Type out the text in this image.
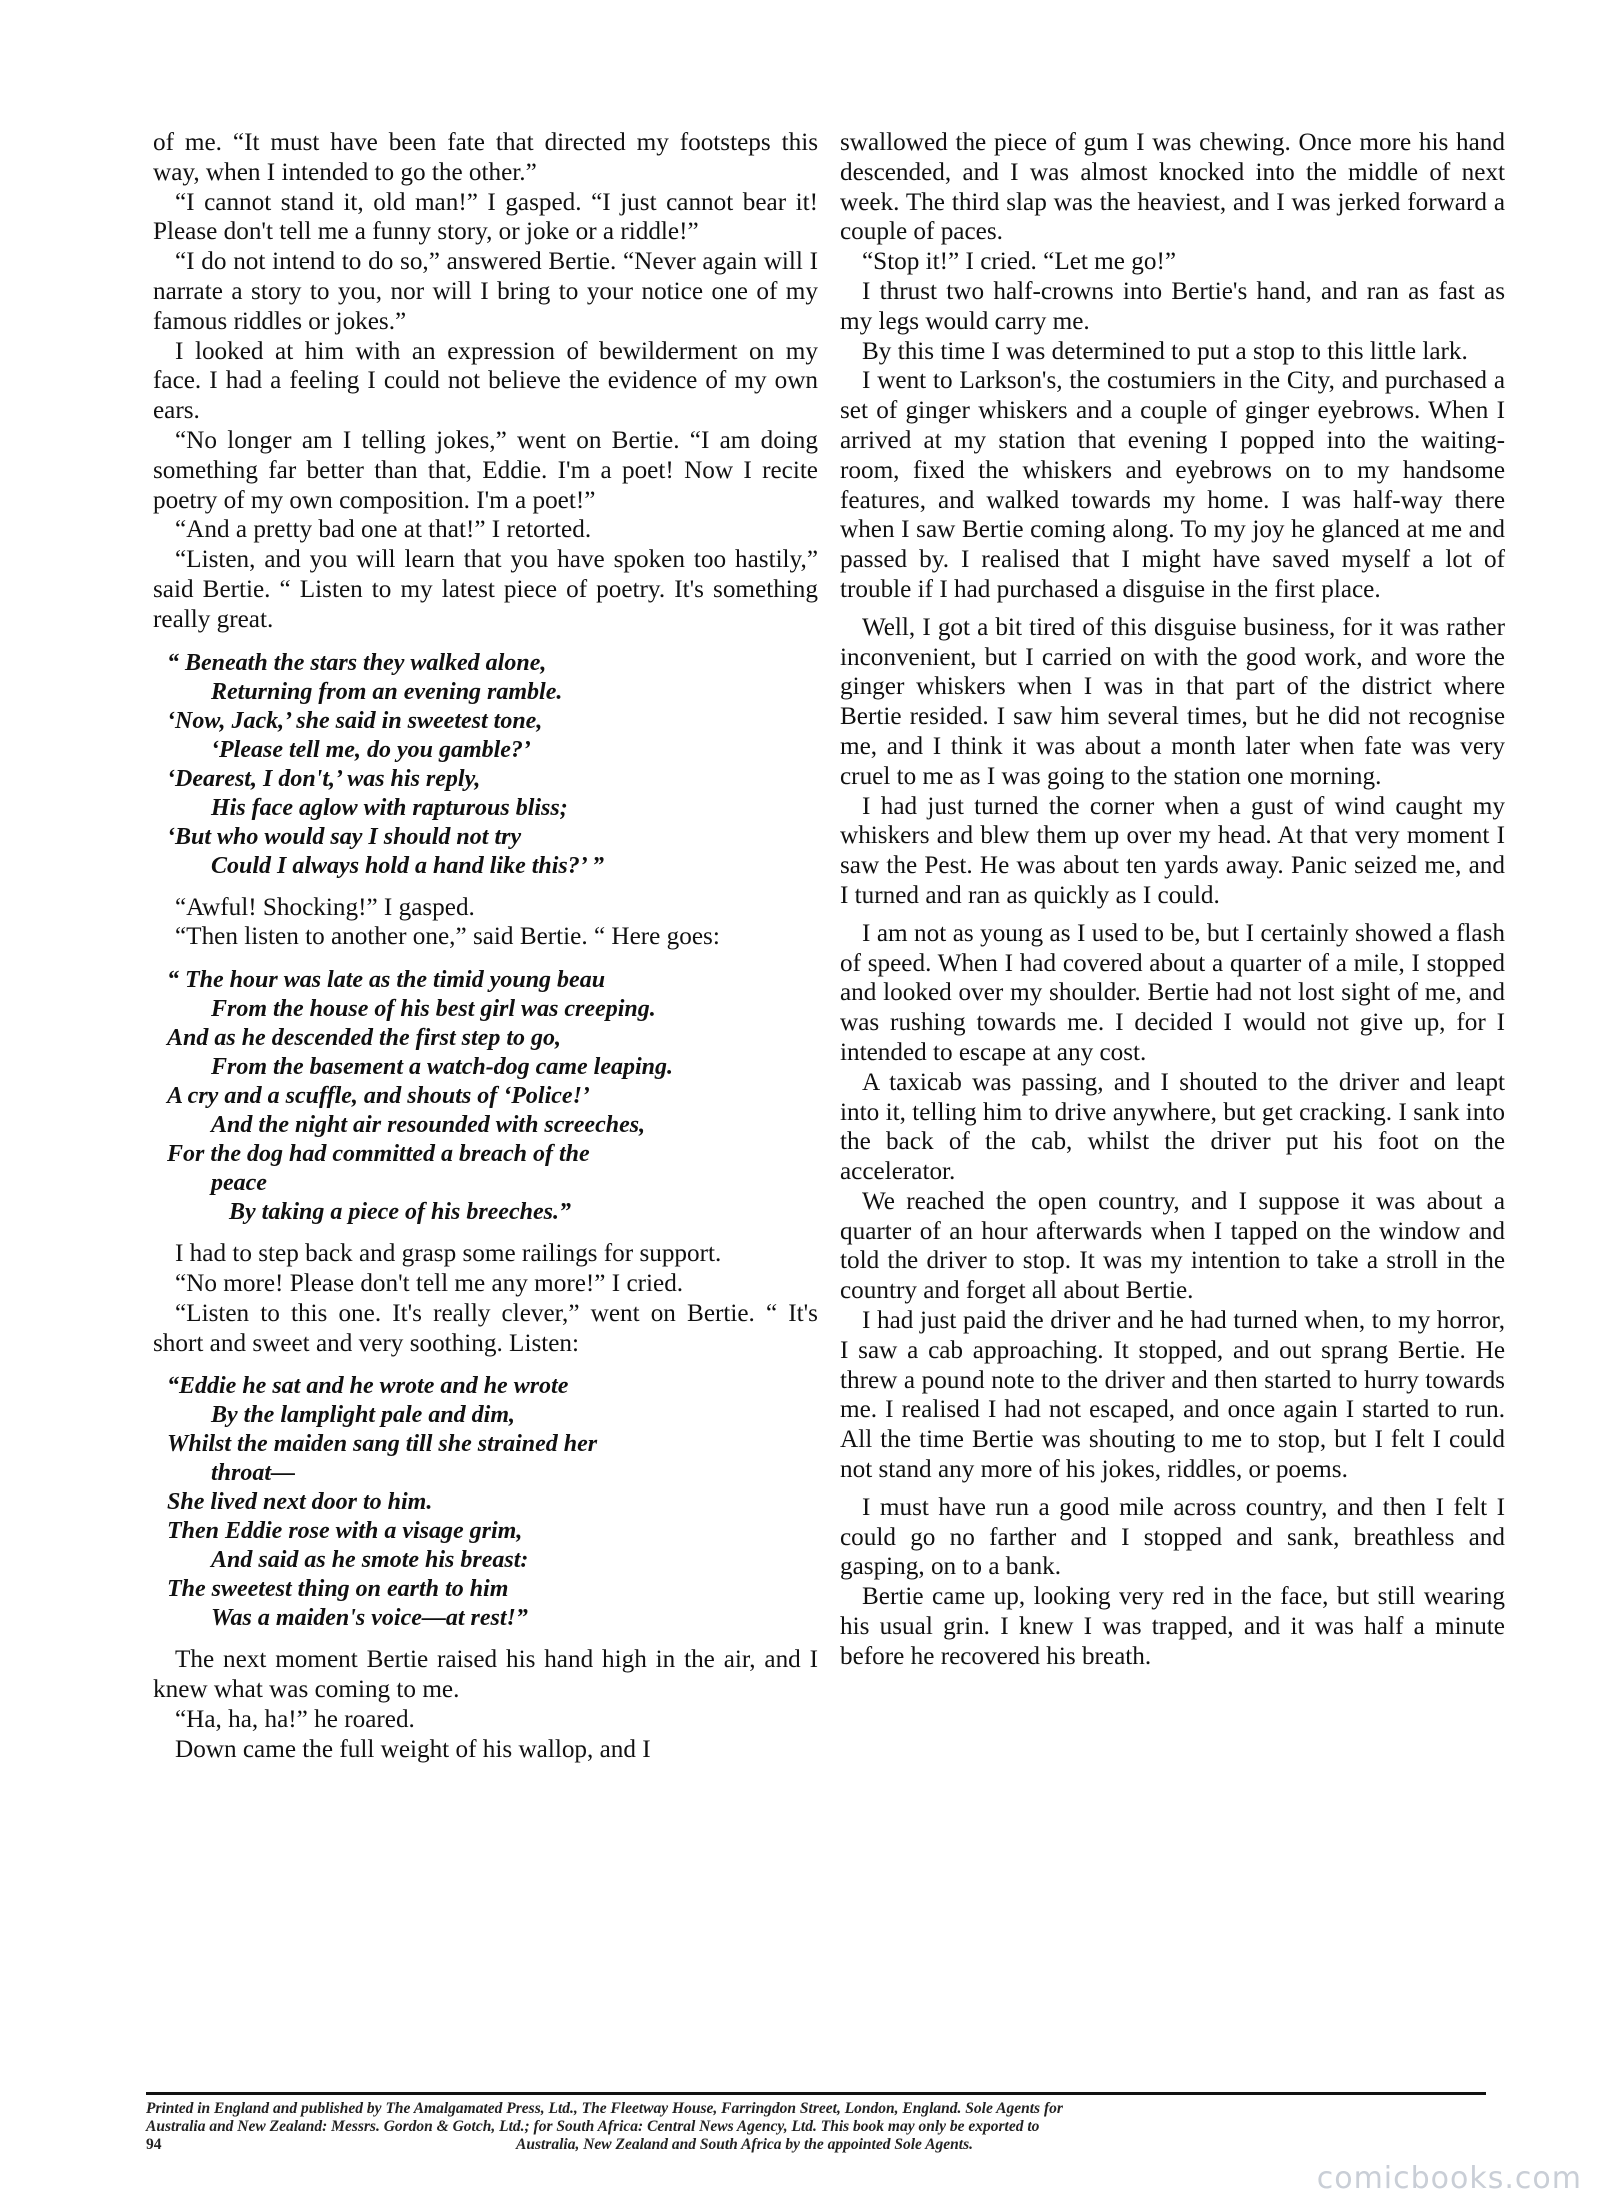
of me. “It must have been fate that directed my footsteps this way, when I intended to go the other.”

“I cannot stand it, old man!” I gasped. “I just cannot bear it! Please don't tell me a funny story, or joke or a riddle!”

“I do not intend to do so,” answered Bertie. “Never again will I narrate a story to you, nor will I bring to your notice one of my famous riddles or jokes.”

I looked at him with an expression of bewilderment on my face. I had a feeling I could not believe the evidence of my own ears.

“No longer am I telling jokes,” went on Bertie. “I am doing something far better than that, Eddie. I'm a poet! Now I recite poetry of my own composition. I'm a poet!”

“And a pretty bad one at that!” I retorted.

“Listen, and you will learn that you have spoken too hastily,” said Bertie. “ Listen to my latest piece of poetry. It's something really great.

“ Beneath the stars they walked alone,
Returning from an evening ramble.
‘Now, Jack,’ she said in sweetest tone,
‘Please tell me, do you gamble?’
‘Dearest, I don't,’ was his reply,
His face aglow with rapturous bliss;
‘But who would say I should not try
Could I always hold a hand like this?’ ”

“Awful! Shocking!” I gasped.

“Then listen to another one,” said Bertie. “ Here goes:

“ The hour was late as the timid young beau
From the house of his best girl was creeping.
And as he descended the first step to go,
From the basement a watch-dog came leaping.
A cry and a scuffle, and shouts of ‘Police!’
And the night air resounded with screeches,
For the dog had committed a breach of the
peace
By taking a piece of his breeches.”

I had to step back and grasp some railings for support.

“No more! Please don't tell me any more!” I cried.

“Listen to this one. It's really clever,” went on Bertie. “ It's short and sweet and very soothing. Listen:

“Eddie he sat and he wrote and he wrote
By the lamplight pale and dim,
Whilst the maiden sang till she strained her
throat—
She lived next door to him.
Then Eddie rose with a visage grim,
And said as he smote his breast:
The sweetest thing on earth to him
Was a maiden's voice—at rest!”

The next moment Bertie raised his hand high in the air, and I knew what was coming to me.

“Ha, ha, ha!” he roared.

Down came the full weight of his wallop, and I

swallowed the piece of gum I was chewing. Once more his hand descended, and I was almost knocked into the middle of next week. The third slap was the heaviest, and I was jerked forward a couple of paces.

“Stop it!” I cried. “Let me go!”

I thrust two half-crowns into Bertie's hand, and ran as fast as my legs would carry me.

By this time I was determined to put a stop to this little lark.

I went to Larkson's, the costumiers in the City, and purchased a set of ginger whiskers and a couple of ginger eyebrows. When I arrived at my station that evening I popped into the waiting-room, fixed the whiskers and eyebrows on to my handsome features, and walked towards my home. I was half-way there when I saw Bertie coming along. To my joy he glanced at me and passed by. I realised that I might have saved myself a lot of trouble if I had purchased a disguise in the first place.

Well, I got a bit tired of this disguise business, for it was rather inconvenient, but I carried on with the good work, and wore the ginger whiskers when I was in that part of the district where Bertie resided. I saw him several times, but he did not recognise me, and I think it was about a month later when fate was very cruel to me as I was going to the station one morning.

I had just turned the corner when a gust of wind caught my whiskers and blew them up over my head. At that very moment I saw the Pest. He was about ten yards away. Panic seized me, and I turned and ran as quickly as I could.

I am not as young as I used to be, but I certainly showed a flash of speed. When I had covered about a quarter of a mile, I stopped and looked over my shoulder. Bertie had not lost sight of me, and was rushing towards me. I decided I would not give up, for I intended to escape at any cost.

A taxicab was passing, and I shouted to the driver and leapt into it, telling him to drive anywhere, but get cracking. I sank into the back of the cab, whilst the driver put his foot on the accelerator.

We reached the open country, and I suppose it was about a quarter of an hour afterwards when I tapped on the window and told the driver to stop. It was my intention to take a stroll in the country and forget all about Bertie.

I had just paid the driver and he had turned when, to my horror, I saw a cab approaching. It stopped, and out sprang Bertie. He threw a pound note to the driver and then started to hurry towards me. I realised I had not escaped, and once again I started to run. All the time Bertie was shouting to me to stop, but I felt I could not stand any more of his jokes, riddles, or poems.

I must have run a good mile across country, and then I felt I could go no farther and I stopped and sank, breathless and gasping, on to a bank.

Bertie came up, looking very red in the face, but still wearing his usual grin. I knew I was trapped, and it was half a minute before he recovered his breath.

Printed in England and published by The Amalgamated Press, Ltd., The Fleetway House, Farringdon Street, London, England. Sole Agents for
Australia and New Zealand: Messrs. Gordon & Gotch, Ltd.; for South Africa: Central News Agency, Ltd. This book may only be exported to
94	Australia, New Zealand and South Africa by the appointed Sole Agents.
comicbooks.com
